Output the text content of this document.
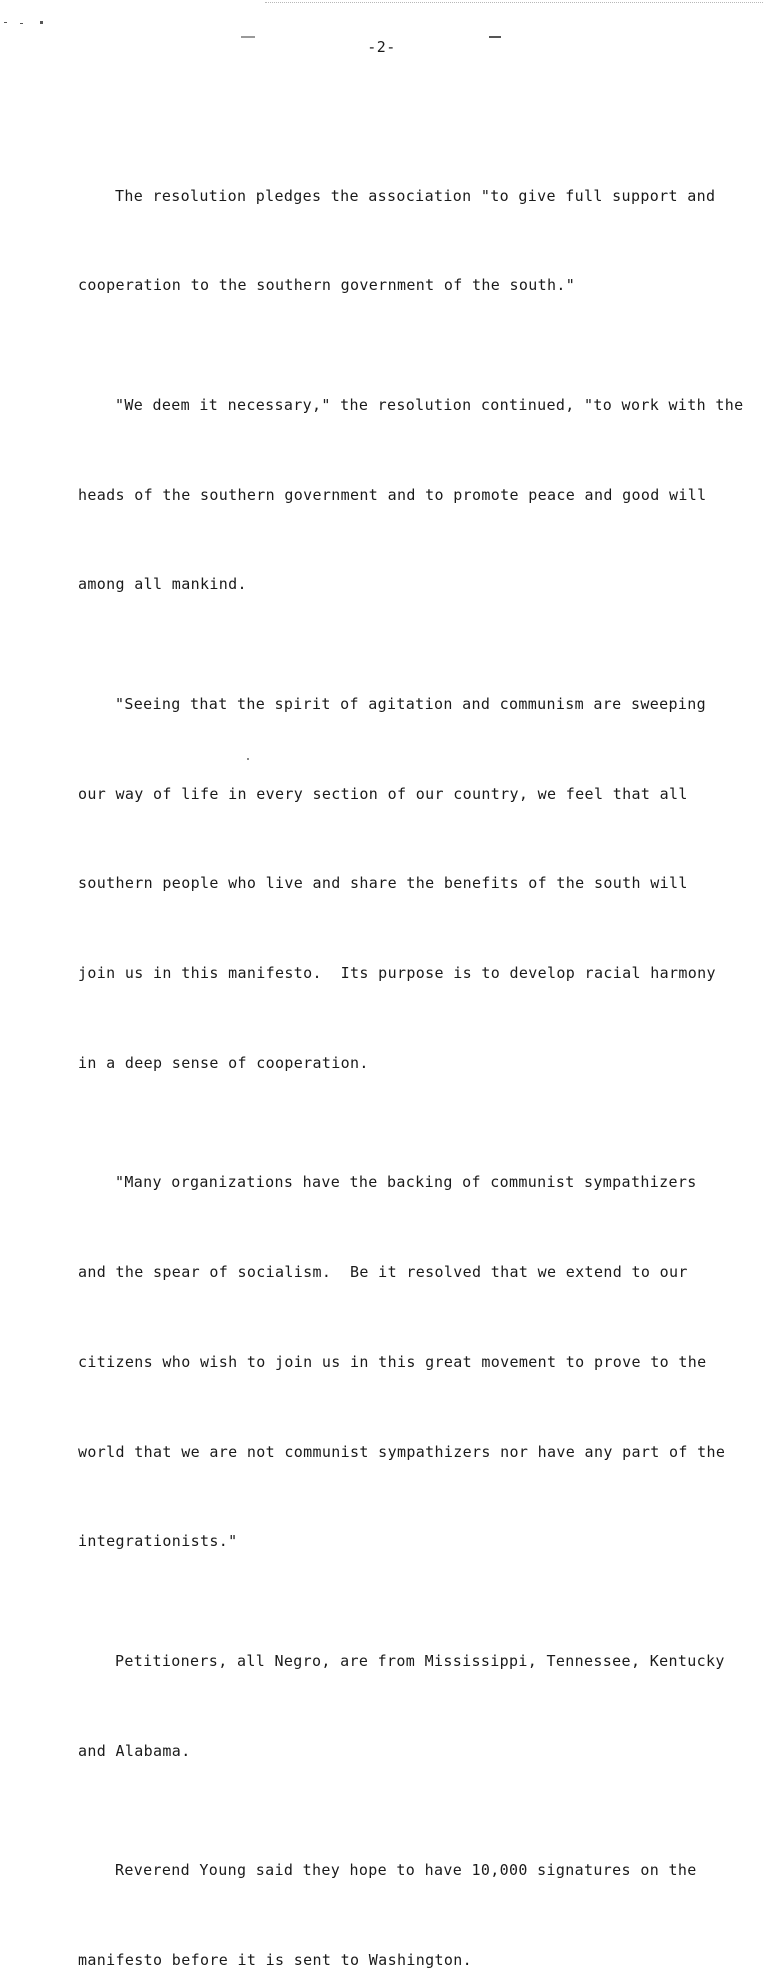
-2-

The resolution pledges the association "to give full support and

cooperation to the southern government of the south."

"We deem it necessary," the resolution continued, "to work with the

heads of the southern government and to promote peace and good will

among all mankind.

"Seeing that the spirit of agitation and communism are sweeping

our way of life in every section of our country, we feel that all

southern people who live and share the benefits of the south will

join us in this manifesto.  Its purpose is to develop racial harmony

in a deep sense of cooperation.

"Many organizations have the backing of communist sympathizers

and the spear of socialism.  Be it resolved that we extend to our

citizens who wish to join us in this great movement to prove to the

world that we are not communist sympathizers nor have any part of the

integrationists."

Petitioners, all Negro, are from Mississippi, Tennessee, Kentucky

and Alabama.

Reverend Young said they hope to have 10,000 signatures on the

manifesto before it is sent to Washington.
